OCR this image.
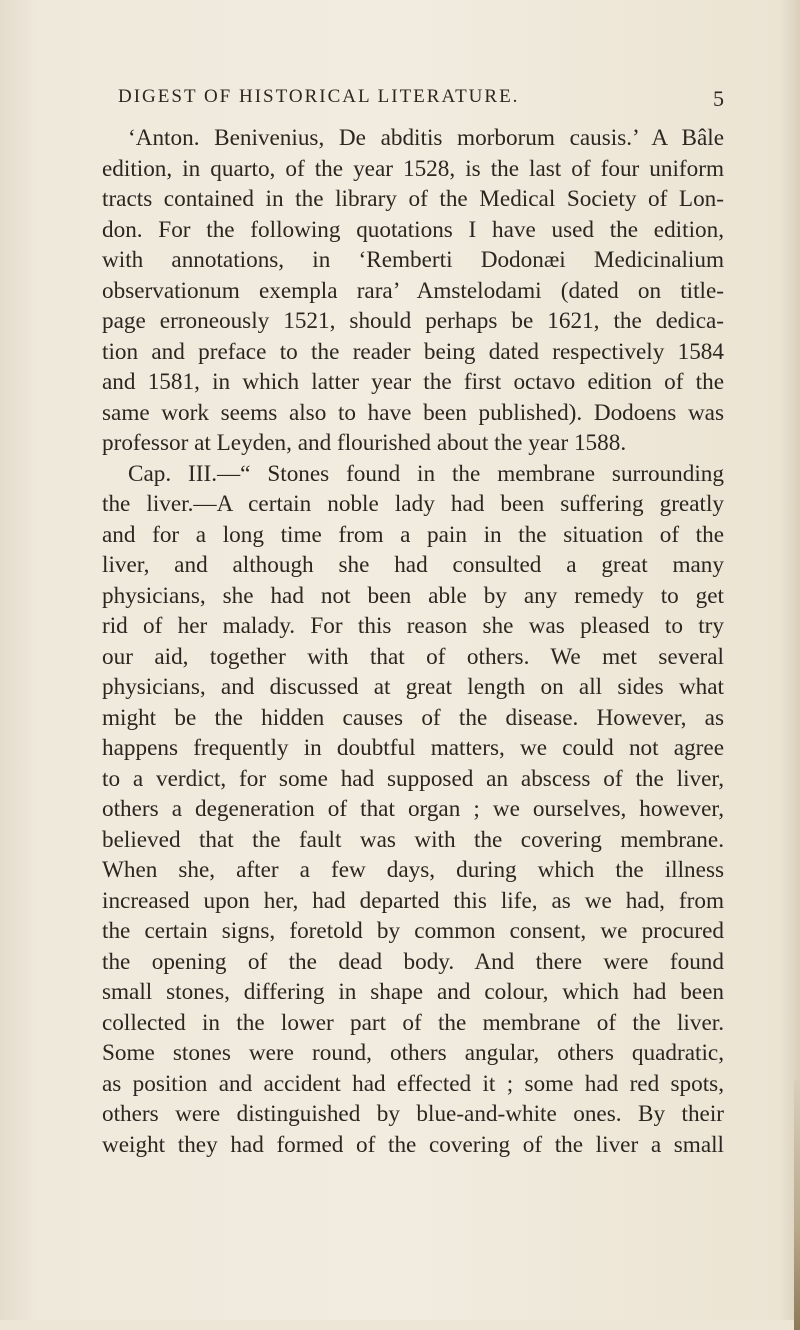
DIGEST OF HISTORICAL LITERATURE.	5
‘Anton. Benivenius, De abditis morborum causis.’ A Bâle
edition, in quarto, of the year 1528, is the last of four uniform
tracts contained in the library of the Medical Society of Lon-
don. For the following quotations I have used the edition,
with annotations, in ‘Remberti Dodonæi Medicinalium
observationum exempla rara’ Amstelodami (dated on title-
page erroneously 1521, should perhaps be 1621, the dedica-
tion and preface to the reader being dated respectively 1584
and 1581, in which latter year the first octavo edition of the
same work seems also to have been published). Dodoens was
professor at Leyden, and flourished about the year 1588.
Cap. III.—“ Stones found in the membrane surrounding
the liver.—A certain noble lady had been suffering greatly
and for a long time from a pain in the situation of the
liver, and although she had consulted a great many
physicians, she had not been able by any remedy to get
rid of her malady. For this reason she was pleased to try
our aid, together with that of others. We met several
physicians, and discussed at great length on all sides what
might be the hidden causes of the disease. However, as
happens frequently in doubtful matters, we could not agree
to a verdict, for some had supposed an abscess of the liver,
others a degeneration of that organ ; we ourselves, however,
believed that the fault was with the covering membrane.
When she, after a few days, during which the illness
increased upon her, had departed this life, as we had, from
the certain signs, foretold by common consent, we procured
the opening of the dead body. And there were found
small stones, differing in shape and colour, which had been
collected in the lower part of the membrane of the liver.
Some stones were round, others angular, others quadratic,
as position and accident had effected it ; some had red spots,
others were distinguished by blue-and-white ones. By their
weight they had formed of the covering of the liver a small
